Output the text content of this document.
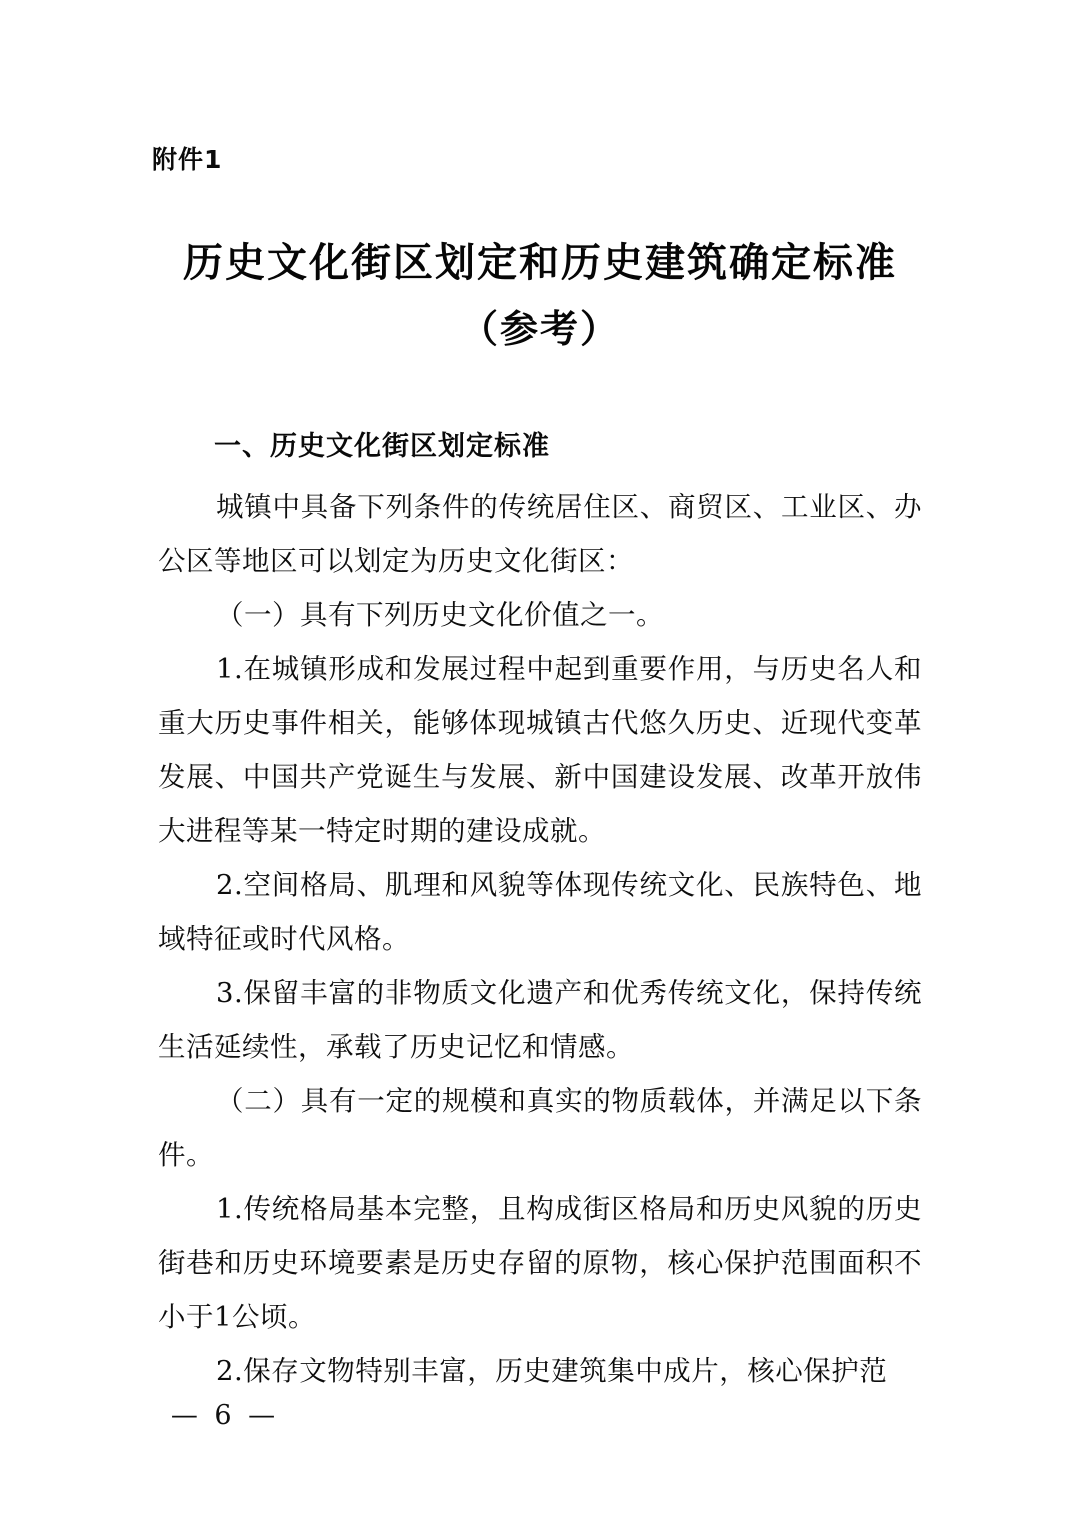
附件1
历史文化街区划定和历史建筑确定标准
（参考）

一、历史文化街区划定标准

城镇中具备下列条件的传统居住区、商贸区、工业区、办公区等地区可以划定为历史文化街区：

（一）具有下列历史文化价值之一。

1.在城镇形成和发展过程中起到重要作用，与历史名人和重大历史事件相关，能够体现城镇古代悠久历史、近现代变革发展、中国共产党诞生与发展、新中国建设发展、改革开放伟大进程等某一特定时期的建设成就。

2.空间格局、肌理和风貌等体现传统文化、民族特色、地域特征或时代风格。

3.保留丰富的非物质文化遗产和优秀传统文化，保持传统生活延续性，承载了历史记忆和情感。

（二）具有一定的规模和真实的物质载体，并满足以下条件。

1.传统格局基本完整，且构成街区格局和历史风貌的历史街巷和历史环境要素是历史存留的原物，核心保护范围面积不小于1公顷。

2.保存文物特别丰富，历史建筑集中成片，核心保护范

— 6 —
